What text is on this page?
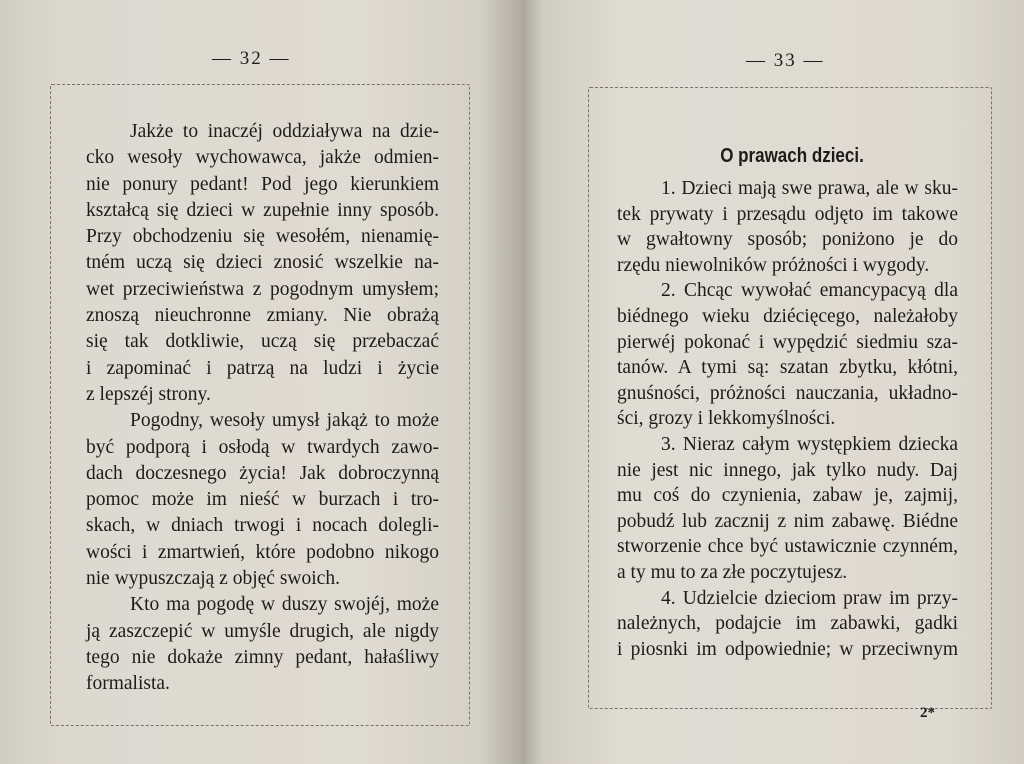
— 32 —
Jakże to inaczéj oddziaływa na dzie-
cko wesoły wychowawca, jakże odmien-
nie ponury pedant! Pod jego kierunkiem
kształcą się dzieci w zupełnie inny sposób.
Przy obchodzeniu się wesołém, nienamię-
tném uczą się dzieci znosić wszelkie na-
wet przeciwieństwa z pogodnym umysłem;
znoszą nieuchronne zmiany. Nie obrażą
się tak dotkliwie, uczą się przebaczać
i zapominać i patrzą na ludzi i życie
z lepszéj strony.
Pogodny, wesoły umysł jakąż to może
być podporą i osłodą w twardych zawo-
dach doczesnego życia! Jak dobroczynną
pomoc może im nieść w burzach i tro-
skach, w dniach trwogi i nocach dolegli-
wości i zmartwień, które podobno nikogo
nie wypuszczają z objęć swoich.
Kto ma pogodę w duszy swojéj, może
ją zaszczepić w umyśle drugich, ale nigdy
tego nie dokaże zimny pedant, hałaśliwy
formalista.
— 33 —
O prawach dzieci.
1. Dzieci mają swe prawa, ale w sku-
tek prywaty i przesądu odjęto im takowe
w gwałtowny sposób; poniżono je do
rzędu niewolników próżności i wygody.
2. Chcąc wywołać emancypacyą dla
biédnego wieku dziécięcego, należałoby
pierwéj pokonać i wypędzić siedmiu sza-
tanów. A tymi są: szatan zbytku, kłótni,
gnuśności, próżności nauczania, układno-
ści, grozy i lekkomyślności.
3. Nieraz całym występkiem dziecka
nie jest nic innego, jak tylko nudy. Daj
mu coś do czynienia, zabaw je, zajmij,
pobudź lub zacznij z nim zabawę. Biédne
stworzenie chce być ustawicznie czynném,
a ty mu to za złe poczytujesz.
4. Udzielcie dzieciom praw im przy-
należnych, podajcie im zabawki, gadki
i piosnki im odpowiednie; w przeciwnym
2*
